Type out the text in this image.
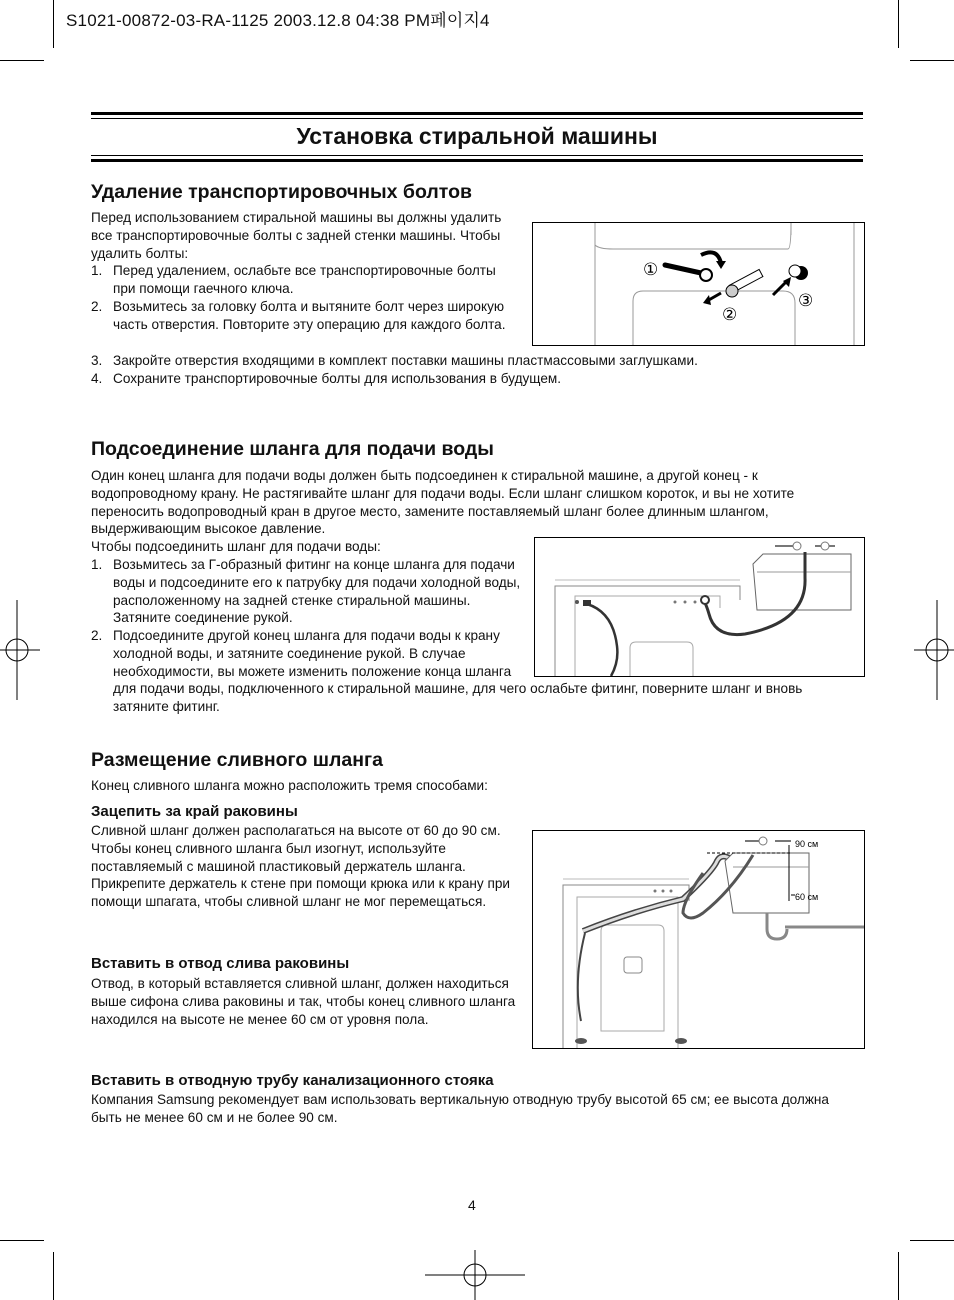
S1021-00872-03-RA-1125 2003.12.8 04:38 PM페이지4
Установка стиральной машины
Удаление транспортировочных болтов

Перед использованием стиральной машины вы должны удалить все транспортировочные болты с задней стенки машины. Чтобы удалить болты:

1. Перед удалением, ослабьте все транспортировочные болты при помощи гаечного ключа.
2. Возьмитесь за головку болта и вытяните болт через широкую часть отверстия. Повторите эту операцию для каждого болта.
3. Закройте отверстия входящими в комплект поставки машины пластмассовыми заглушками.
4. Сохраните транспортировочные болты для использования в будущем.
①
②
③
Подсоединение шланга для подачи воды

Один конец шланга для подачи воды должен быть подсоединен к стиральной машине, а другой конец - к водопроводному крану. Не растягивайте шланг для подачи воды. Если шланг слишком короток, и вы не хотите переносить водопроводный кран в другое место, замените поставляемый шланг более длинным шлангом, выдерживающим высокое давление.

Чтобы подсоединить шланг для подачи воды:

1. Возьмитесь за Г-образный фитинг на конце шланга для подачи воды и подсоедините его к патрубку для подачи холодной воды, расположенному на задней стенке стиральной машины. Затяните соединение рукой.
2. Подсоедините другой конец шланга для подачи воды к крану холодной воды, и затяните соединение рукой. В случае необходимости, вы можете изменить положение конца шланга для подачи воды, подключенного к стиральной машине, для чего ослабьте фитинг, поверните шланг и вновь затяните фитинг.
Размещение сливного шланга

Конец сливного шланга можно расположить тремя способами:

Зацепить за край раковины

Сливной шланг должен располагаться на высоте от 60 до 90 см. Чтобы конец сливного шланга был изогнут, используйте поставляемый с машиной пластиковый держатель шланга. Прикрепите держатель к стене при помощи крюка или к крану при помощи шпагата, чтобы сливной шланг не мог перемещаться.

Вставить в отвод слива раковины

Отвод, в который вставляется сливной шланг, должен находиться выше сифона слива раковины и так, чтобы конец сливного шланга находился на высоте не менее 60 см от уровня пола.

Вставить в отводную трубу канализационного стояка

Компания Samsung рекомендует вам использовать вертикальную отводную трубу высотой 65 см; ее высота должна быть не менее 60 см и не более 90 см.

90 см
60 см
4
